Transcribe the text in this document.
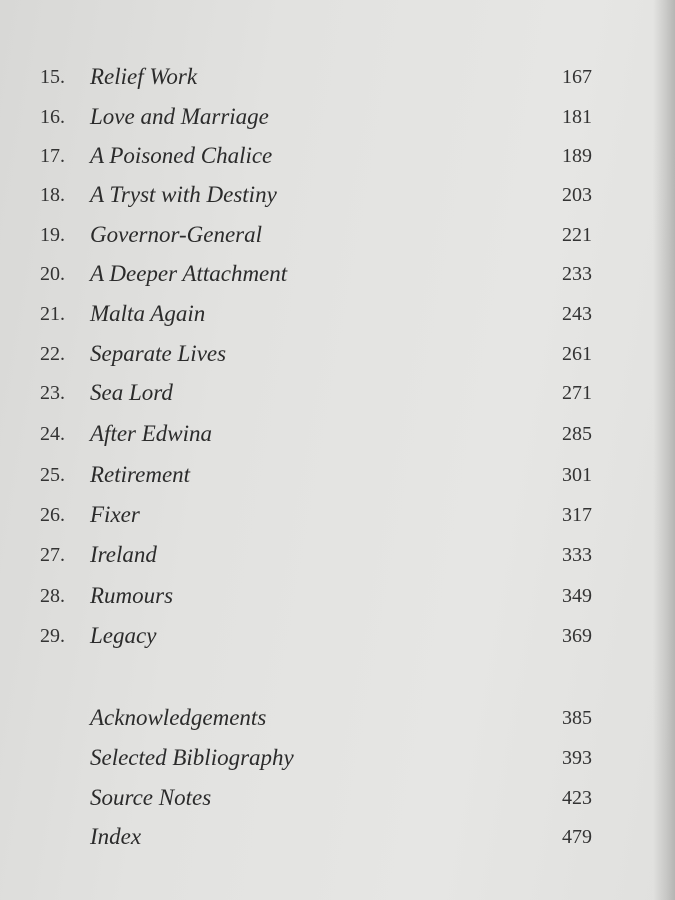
15.	Relief Work	167
16.	Love and Marriage	181
17.	A Poisoned Chalice	189
18.	A Tryst with Destiny	203
19.	Governor-General	221
20.	A Deeper Attachment	233
21.	Malta Again	243
22.	Separate Lives	261
23.	Sea Lord	271
24.	After Edwina	285
25.	Retirement	301
26.	Fixer	317
27.	Ireland	333
28.	Rumours	349
29.	Legacy	369
Acknowledgements	385
Selected Bibliography	393
Source Notes	423
Index	479
